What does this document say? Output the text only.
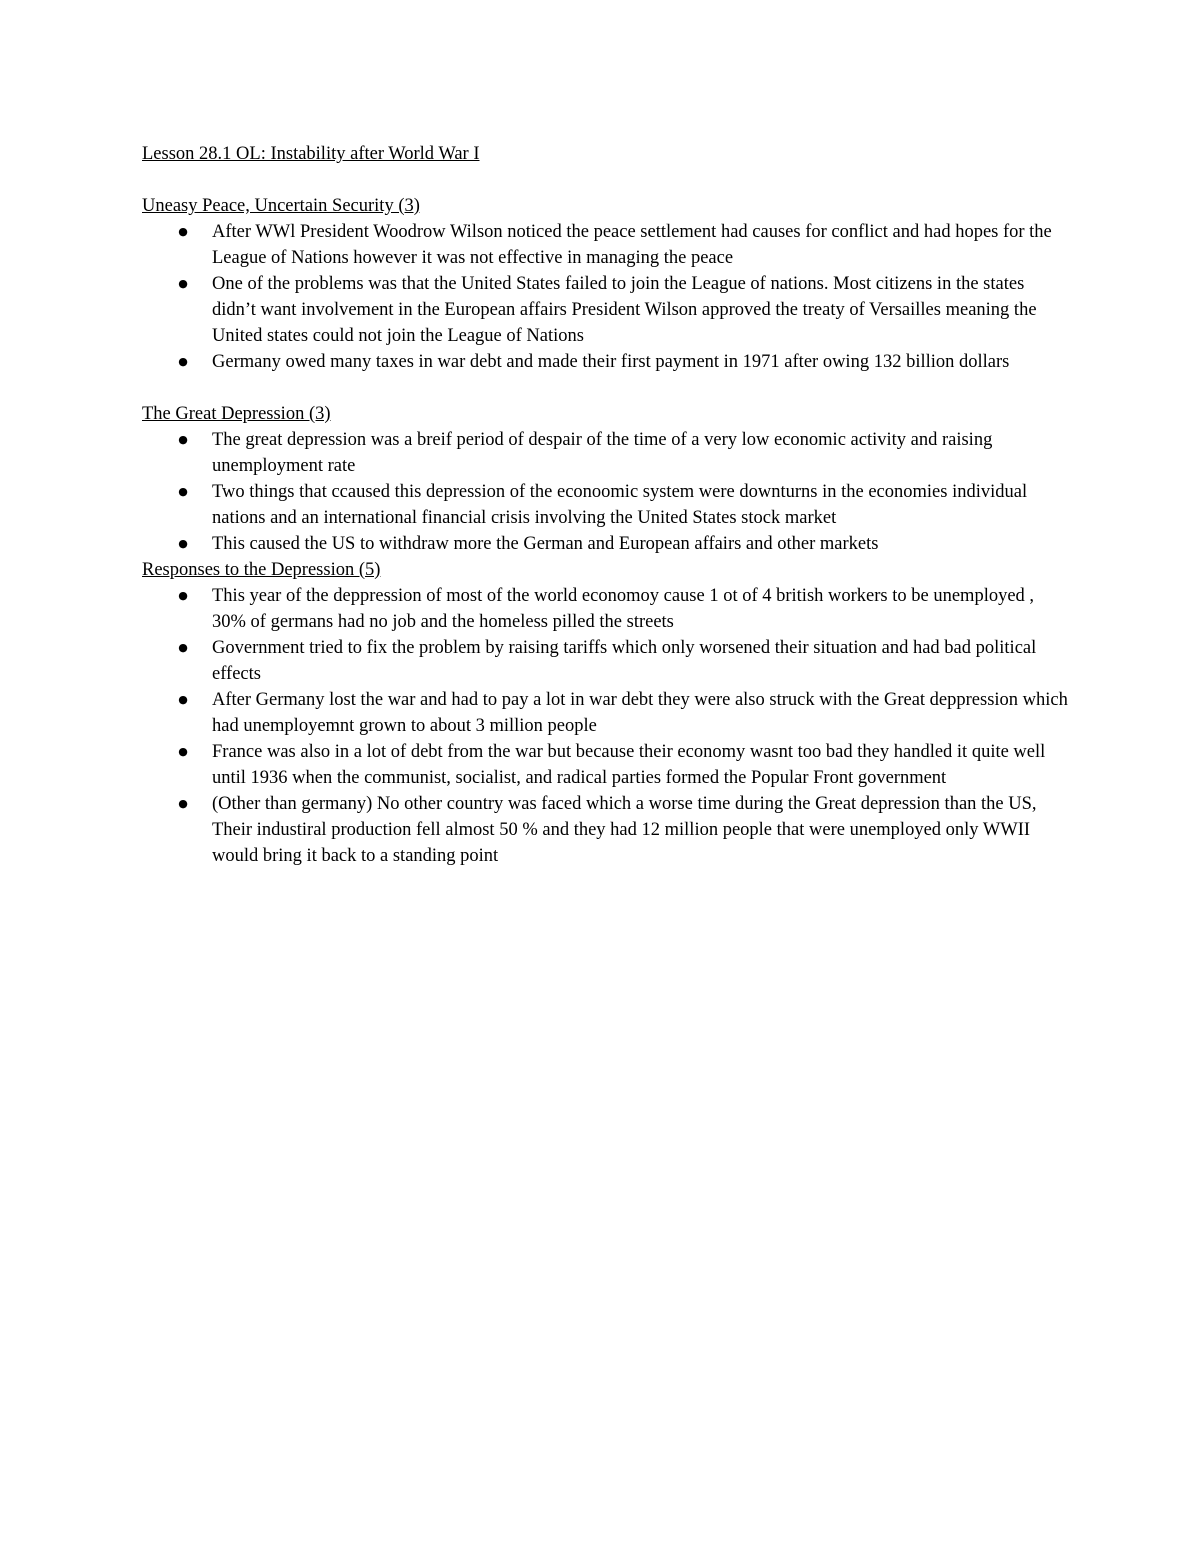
Lesson 28.1 OL: Instability after World War I
Uneasy Peace, Uncertain Security (3)
● After WWl President Woodrow Wilson noticed the peace settlement had causes for conflict and had hopes for the League of Nations however it was not effective in managing the peace
● One of the problems was that the United States failed to join the League of nations. Most citizens in the states didn’t want involvement in the European affairs President Wilson approved the treaty of Versailles meaning the United states could not join the League of Nations
● Germany owed many taxes in war debt and made their first payment in 1971 after owing 132 billion dollars
The Great Depression (3)
● The great depression was a breif period of despair of the time of a very low economic activity and raising unemployment rate
● Two things that ccaused this depression of the econoomic system were downturns in the economies individual nations and an international financial crisis involving the United States stock market
● This caused the US to withdraw more the German and European affairs and other markets
Responses to the Depression (5)
● This year of the deppression of most of the world economoy cause 1 ot of 4 british workers to be unemployed , 30% of germans had no job and the homeless pilled the streets
● Government tried to fix the problem by raising tariffs which only worsened their situation and had bad political effects
● After Germany lost the war and had to pay a lot in war debt they were also struck with the Great deppression which had unemployemnt grown to about 3 million people
● France was also in a lot of debt from the war but because their economy wasnt too bad they handled it quite well until 1936 when the communist, socialist, and radical parties formed the Popular Front government
● (Other than germany) No other country was faced which a worse time during the Great depression than the US, Their industiral production fell almost 50 % and they had 12 million people that were unemployed only WWII would bring it back to a standing point
